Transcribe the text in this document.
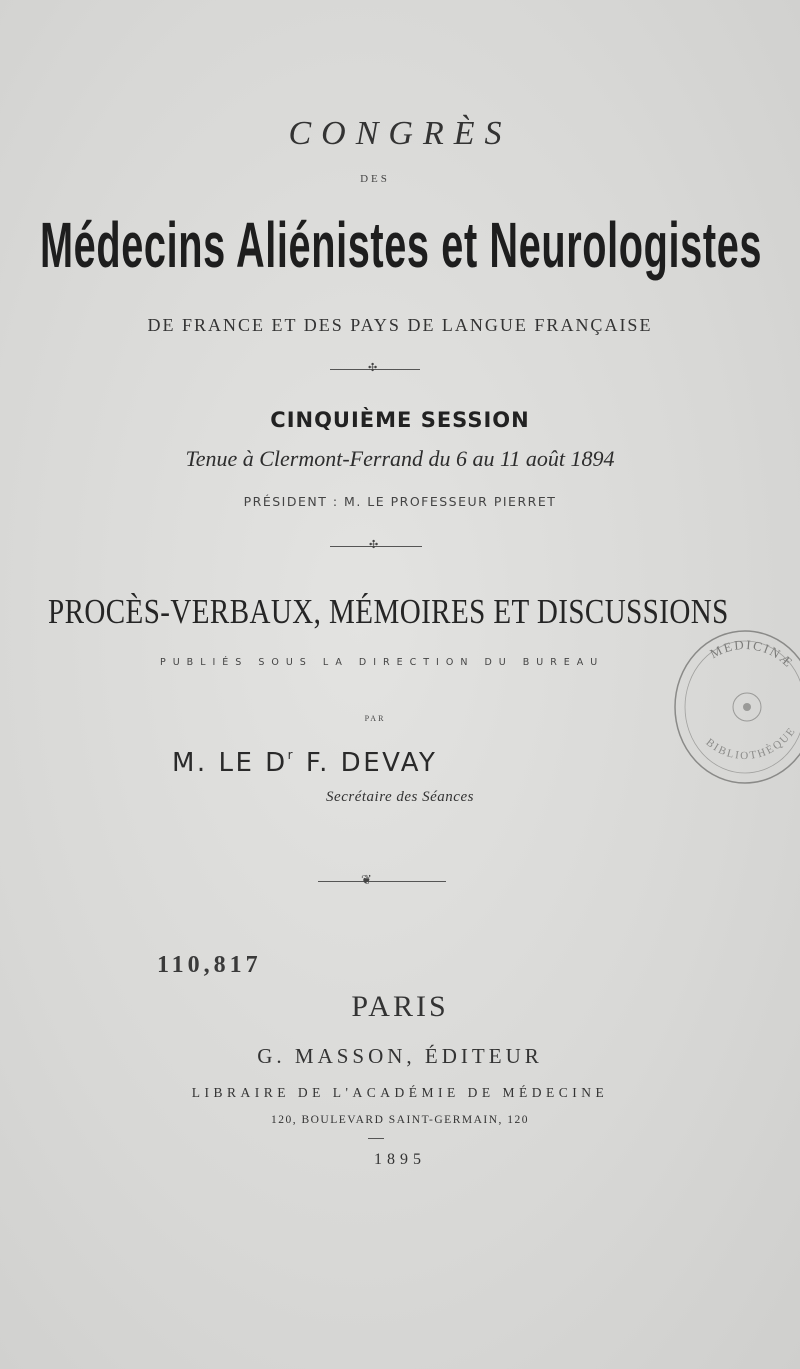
CONGRÈS
DES
Médecins Aliénistes et Neurologistes
DE FRANCE ET DES PAYS DE LANGUE FRANÇAISE
✣
CINQUIÈME SESSION
Tenue à Clermont-Ferrand du 6 au 11 août 1894
PRÉSIDENT : M. LE PROFESSEUR PIERRET
✣
PROCÈS-VERBAUX, MÉMOIRES ET DISCUSSIONS
PUBLIÉS SOUS LA DIRECTION DU BUREAU
PAR
M. LE $D^r$ F. DEVAY
Secrétaire des Séances
❦
110,817
PARIS
G. MASSON, ÉDITEUR
LIBRAIRE DE L'ACADÉMIE DE MÉDECINE
120, BOULEVARD SAINT-GERMAIN, 120
1895
MEDICINÆ
BIBLIOTHÈQUE
